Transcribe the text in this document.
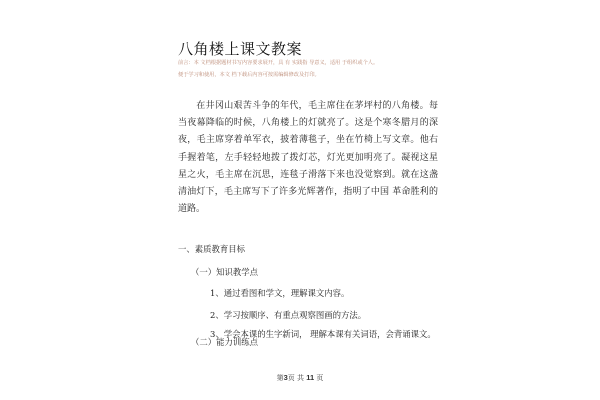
八角楼上课文教案
前言：本 文档根据题材书写内容要求展开，具 有 实践指 导意义，适用 于组织或个人。
便于学习和使用，本文 档下载后内容可按需编辑修改及打印。
在井冈山艰苦斗争的年代，毛主席住在茅坪村的八角楼。每当夜幕降临的时候，八角楼上的灯就亮了。这是个寒冬腊月的深夜，毛主席穿着单军衣，披着薄毯子，坐在竹椅上写文章。他右手握着笔，左手轻轻地拨了拨灯芯，灯光更加明亮了。凝视这星星之火，毛主席在沉思，连毯子滑落下来也没觉察到。就在这盏清油灯下，毛主席写下了许多光辉著作，指明了中国 革命胜利的道路。
一、素质教育目标
（一）知识教学点
1、通过看图和学文，理解课文内容。
2、学习按顺序、有重点观察图画的方法。
3、学会本课的生字新词， 理解本课有关词语，会背诵课文。
（二）能力训练点
第3页 共 11 页
